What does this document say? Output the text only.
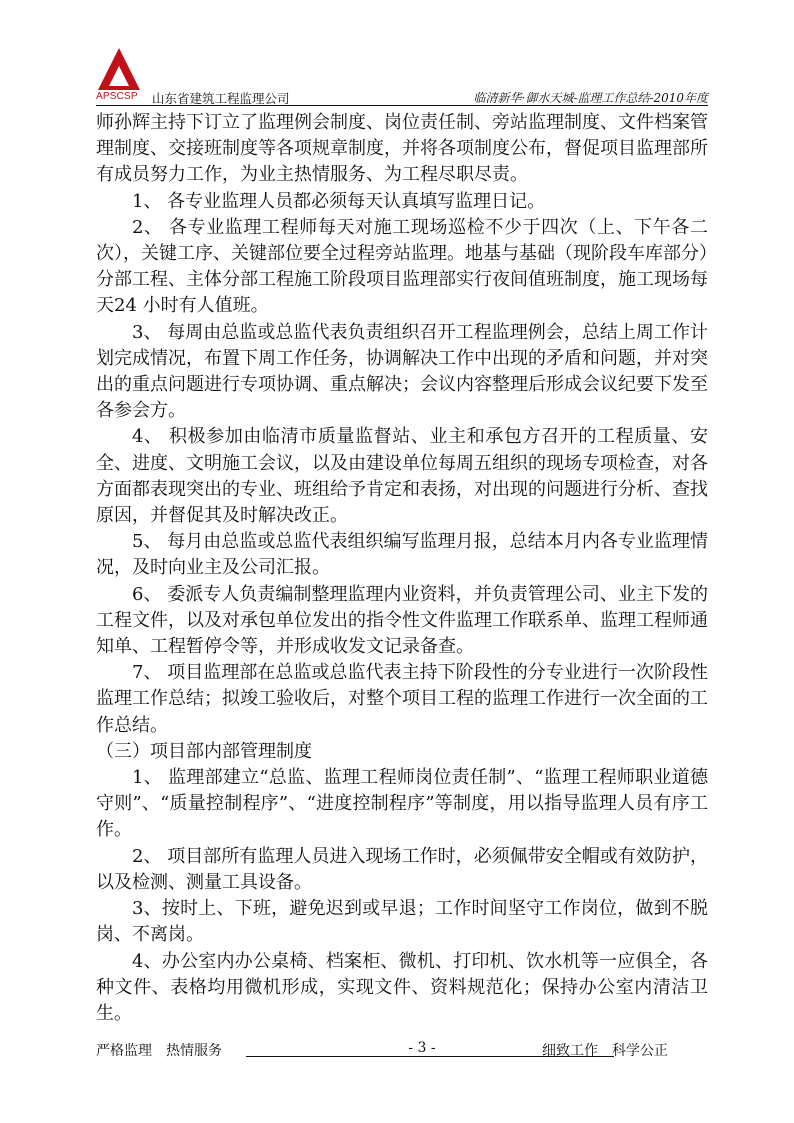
APSCSP 山东省建筑工程监理公司	临清新华·御水天城-监理工作总结-2010年度

师孙辉主持下订立了监理例会制度、岗位责任制、旁站监理制度、文件档案管理制度、交接班制度等各项规章制度，并将各项制度公布，督促项目监理部所有成员努力工作，为业主热情服务、为工程尽职尽责。

1、 各专业监理人员都必须每天认真填写监理日记。

2、 各专业监理工程师每天对施工现场巡检不少于四次（上、下午各二次），关键工序、关键部位要全过程旁站监理。地基与基础（现阶段车库部分）分部工程、主体分部工程施工阶段项目监理部实行夜间值班制度，施工现场每天24 小时有人值班。

3、 每周由总监或总监代表负责组织召开工程监理例会，总结上周工作计划完成情况，布置下周工作任务，协调解决工作中出现的矛盾和问题，并对突出的重点问题进行专项协调、重点解决；会议内容整理后形成会议纪要下发至各参会方。

4、 积极参加由临清市质量监督站、业主和承包方召开的工程质量、安全、进度、文明施工会议，以及由建设单位每周五组织的现场专项检查，对各方面都表现突出的专业、班组给予肯定和表扬，对出现的问题进行分析、查找原因，并督促其及时解决改正。

5、 每月由总监或总监代表组织编写监理月报，总结本月内各专业监理情况，及时向业主及公司汇报。

6、 委派专人负责编制整理监理内业资料，并负责管理公司、业主下发的工程文件，以及对承包单位发出的指令性文件监理工作联系单、监理工程师通知单、工程暂停令等，并形成收发文记录备查。

7、 项目监理部在总监或总监代表主持下阶段性的分专业进行一次阶段性监理工作总结；拟竣工验收后，对整个项目工程的监理工作进行一次全面的工作总结。

（三）项目部内部管理制度

1、 监理部建立“总监、监理工程师岗位责任制”、“监理工程师职业道德守则”、“质量控制程序”、“进度控制程序”等制度，用以指导监理人员有序工作。

2、 项目部所有监理人员进入现场工作时，必须佩带安全帽或有效防护，以及检测、测量工具设备。

3、按时上、下班，避免迟到或早退；工作时间坚守工作岗位，做到不脱岗、不离岗。

4、办公室内办公桌椅、档案柜、微机、打印机、饮水机等一应俱全，各种文件、表格均用微机形成，实现文件、资料规范化；保持办公室内清洁卫生。

严格监理　热情服务	- 3 -	细致工作　科学公正
